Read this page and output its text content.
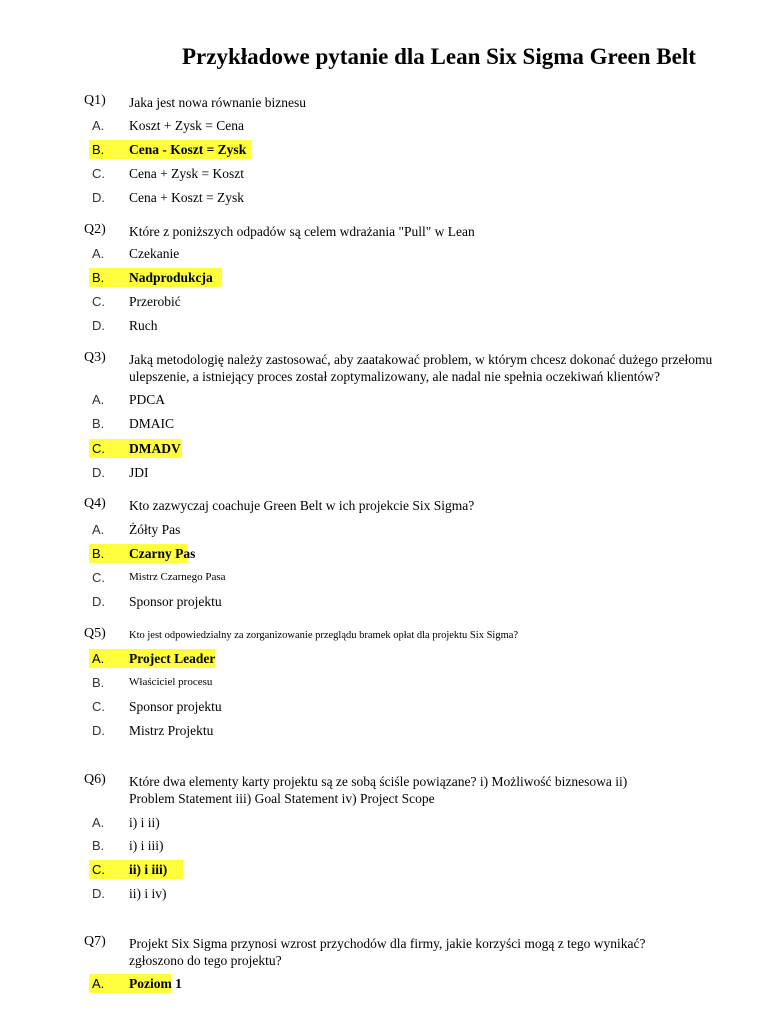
Przykładowe pytanie dla Lean Six Sigma Green Belt
Q1) Jaka jest nowa równanie biznesu
A. Koszt + Zysk = Cena
B. Cena - Koszt = Zysk
C. Cena + Zysk = Koszt
D. Cena + Koszt = Zysk
Q2) Które z poniższych odpadów są celem wdrażania "Pull" w Lean
A. Czekanie
B. Nadprodukcja
C. Przerobić
D. Ruch
Q3) Jaką metodologię należy zastosować, aby zaatakować problem, w którym chcesz dokonać dużego przełomu
ulepszenie, a istniejący proces został zoptymalizowany, ale nadal nie spełnia oczekiwań klientów?
A. PDCA
B. DMAIC
C. DMADV
D. JDI
Q4) Kto zazwyczaj coachuje Green Belt w ich projekcie Six Sigma?
A. Żółty Pas
B. Czarny Pas
C. Mistrz Czarnego Pasa
D. Sponsor projektu
Q5) Kto jest odpowiedzialny za zorganizowanie przeglądu bramek opłat dla projektu Six Sigma?
A. Project Leader
B. Właściciel procesu
C. Sponsor projektu
D. Mistrz Projektu
Q6) Które dwa elementy karty projektu są ze sobą ściśle powiązane? i) Możliwość biznesowa ii)
Problem Statement iii) Goal Statement iv) Project Scope
A. i) i ii)
B. i) i iii)
C. ii) i iii)
D. ii) i iv)
Q7) Projekt Six Sigma przynosi wzrost przychodów dla firmy, jakie korzyści mogą z tego wynikać?
zgłoszono do tego projektu?
A. Poziom 1
